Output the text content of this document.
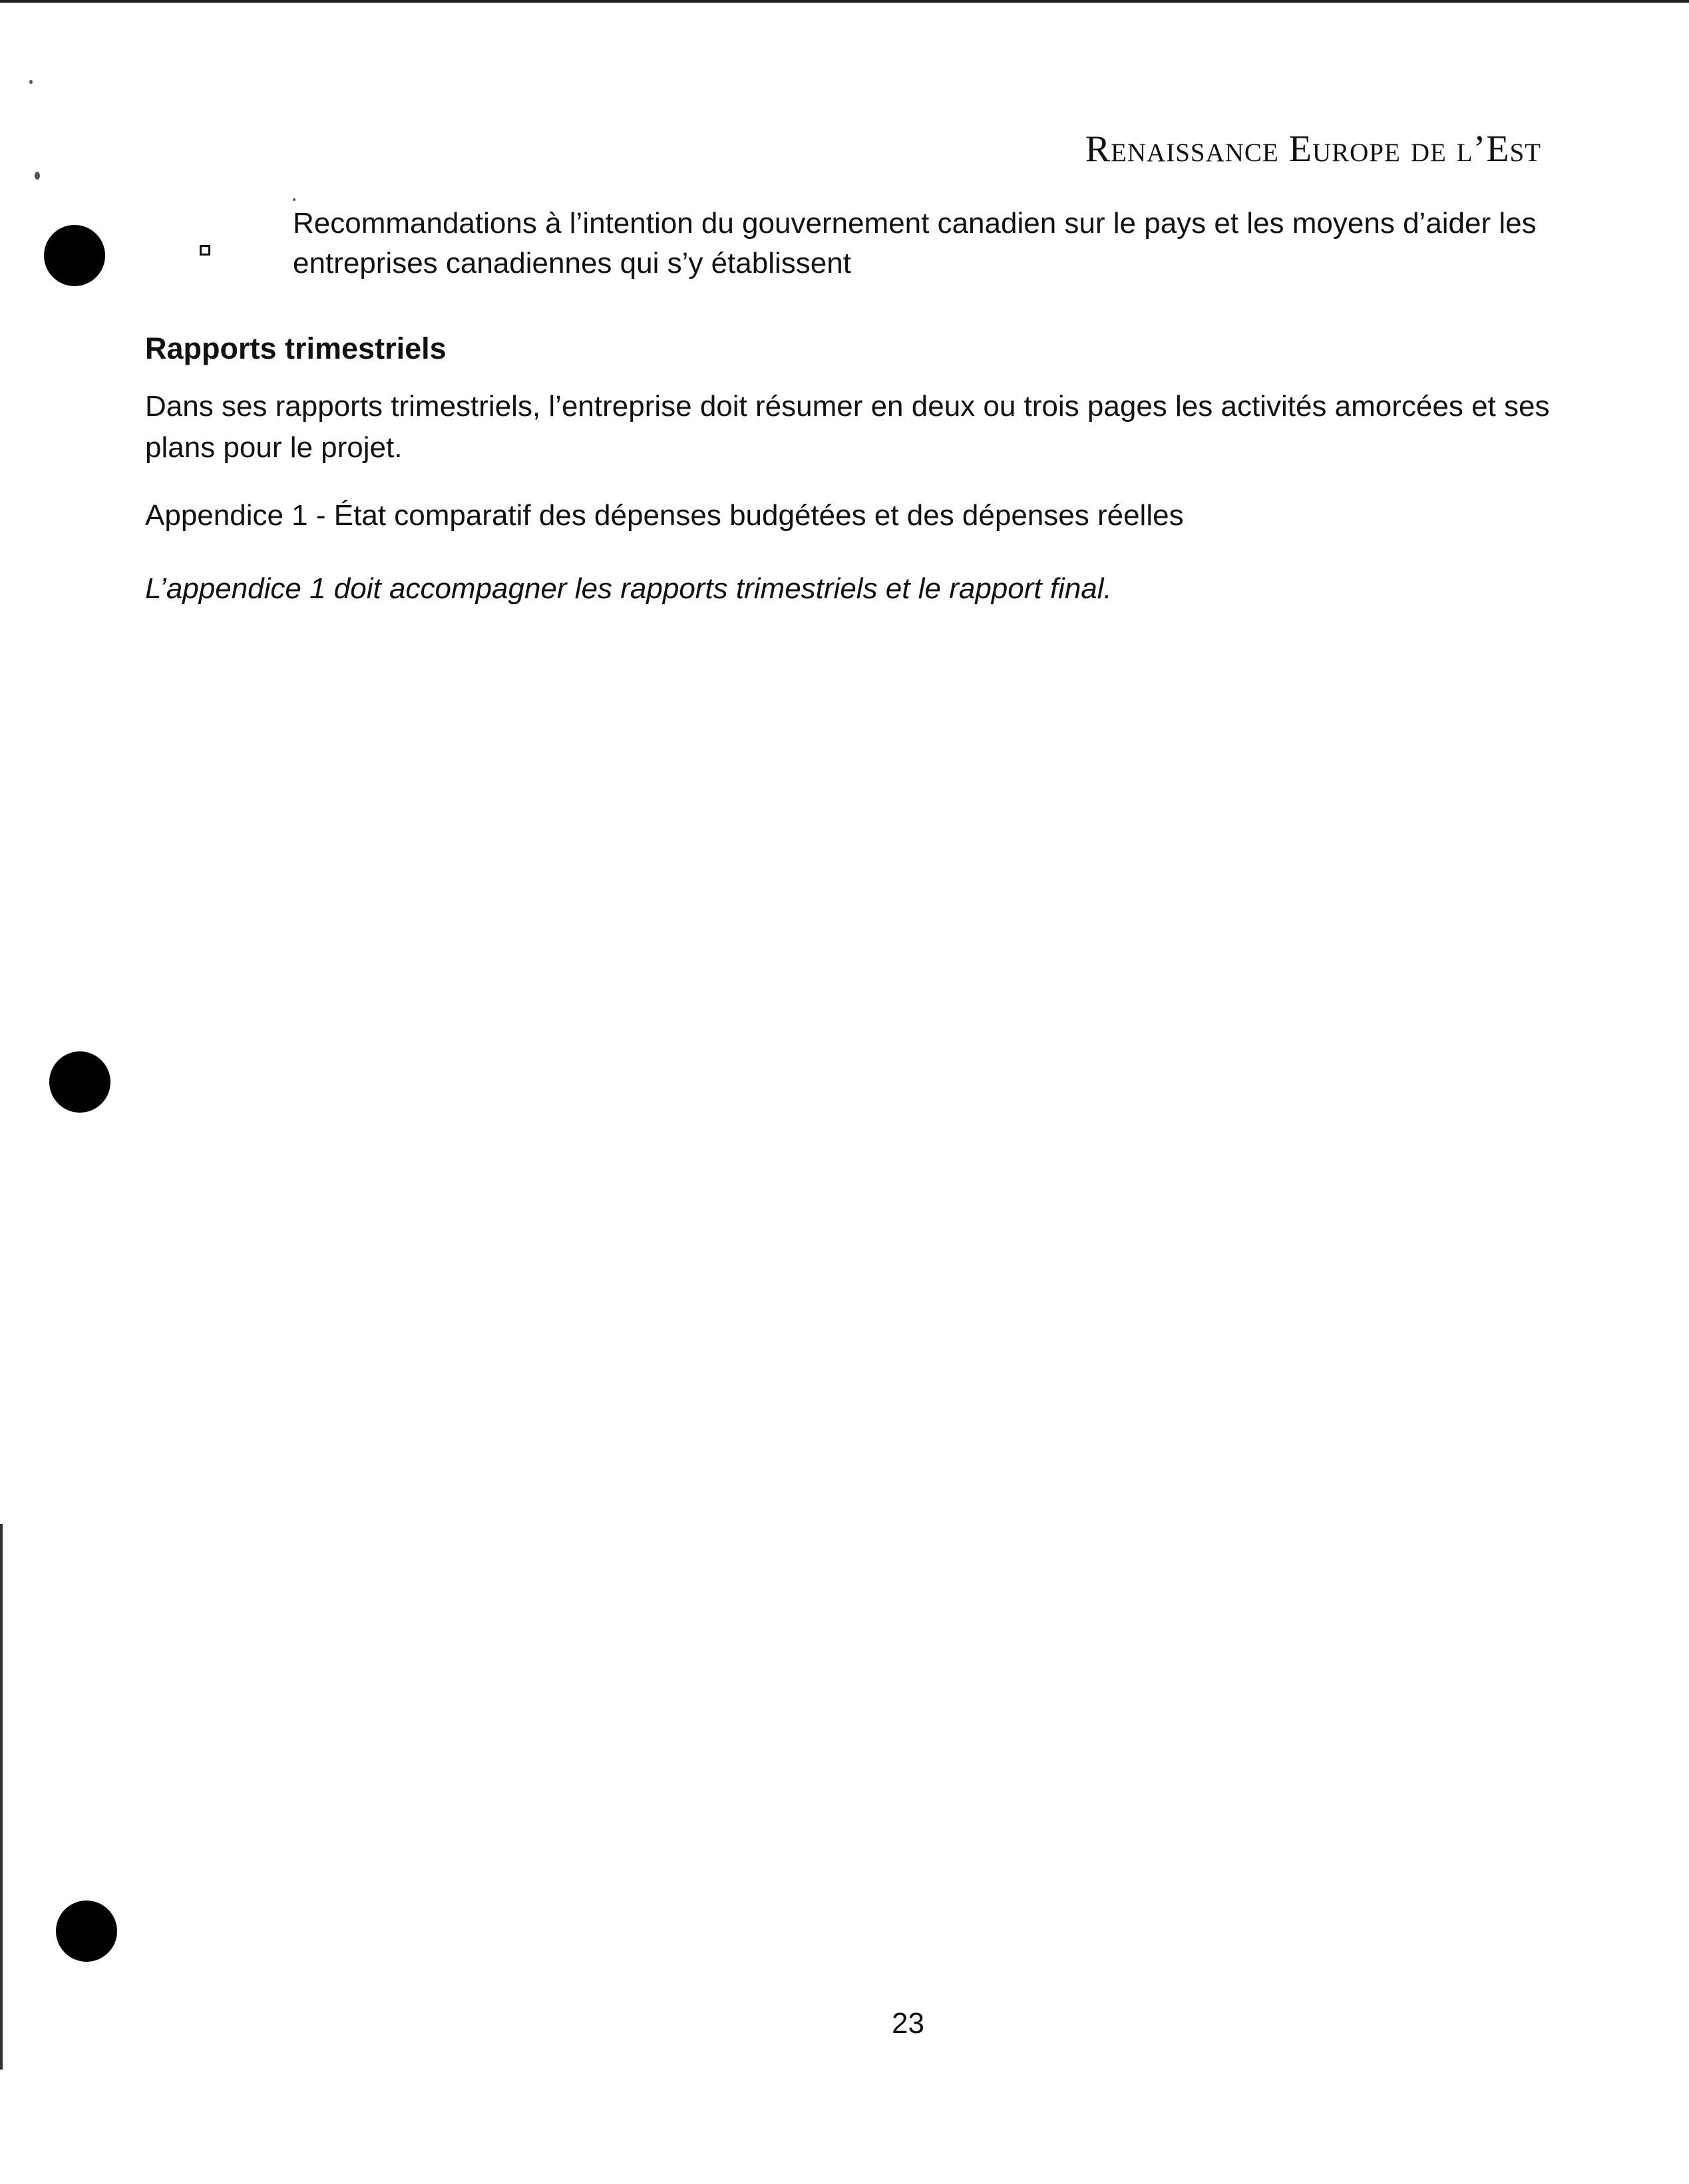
Renaissance Europe de l’Est
Recommandations à l’intention du gouvernement canadien sur le pays et les moyens d’aider les entreprises canadiennes qui s’y établissent
Rapports trimestriels
Dans ses rapports trimestriels, l’entreprise doit résumer en deux ou trois pages les activités amorcées et ses plans pour le projet.
Appendice 1 - État comparatif des dépenses budgétées et des dépenses réelles
L’appendice 1 doit accompagner les rapports trimestriels et le rapport final.
23
